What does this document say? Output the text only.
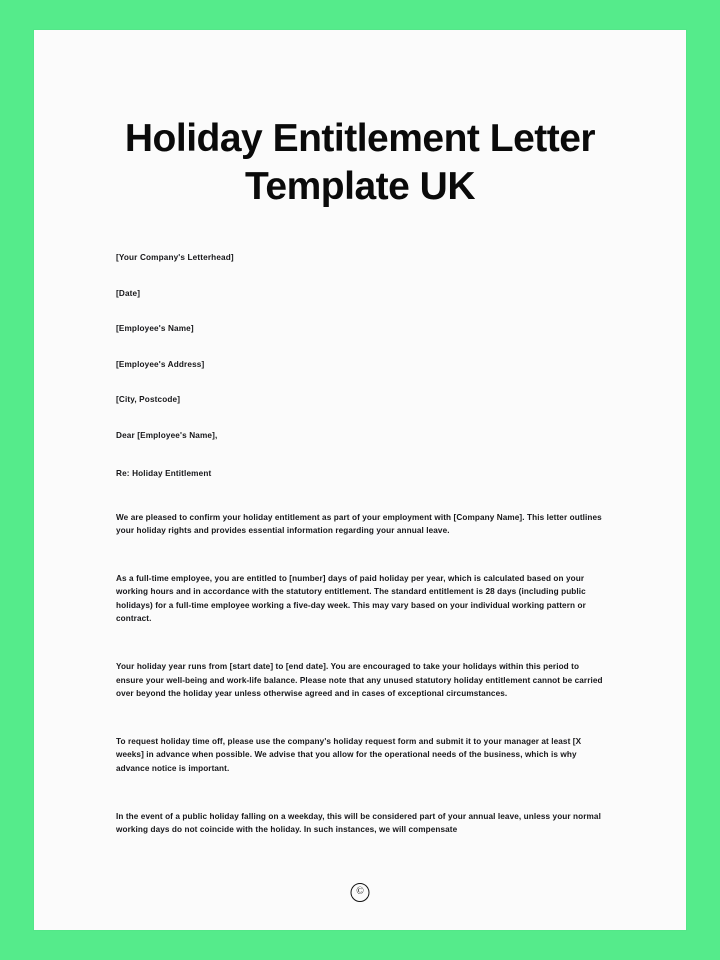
Holiday Entitlement Letter Template UK

[Your Company's Letterhead]

[Date]

[Employee's Name]

[Employee's Address]

[City, Postcode]

Dear [Employee's Name],

Re: Holiday Entitlement

We are pleased to confirm your holiday entitlement as part of your employment with [Company Name]. This letter outlines your holiday rights and provides essential information regarding your annual leave.

As a full-time employee, you are entitled to [number] days of paid holiday per year, which is calculated based on your working hours and in accordance with the statutory entitlement. The standard entitlement is 28 days (including public holidays) for a full-time employee working a five-day week. This may vary based on your individual working pattern or contract.

Your holiday year runs from [start date] to [end date]. You are encouraged to take your holidays within this period to ensure your well-being and work-life balance. Please note that any unused statutory holiday entitlement cannot be carried over beyond the holiday year unless otherwise agreed and in cases of exceptional circumstances.

To request holiday time off, please use the company's holiday request form and submit it to your manager at least [X weeks] in advance when possible. We advise that you allow for the operational needs of the business, which is why advance notice is important.

In the event of a public holiday falling on a weekday, this will be considered part of your annual leave, unless your normal working days do not coincide with the holiday. In such instances, we will compensate

©
